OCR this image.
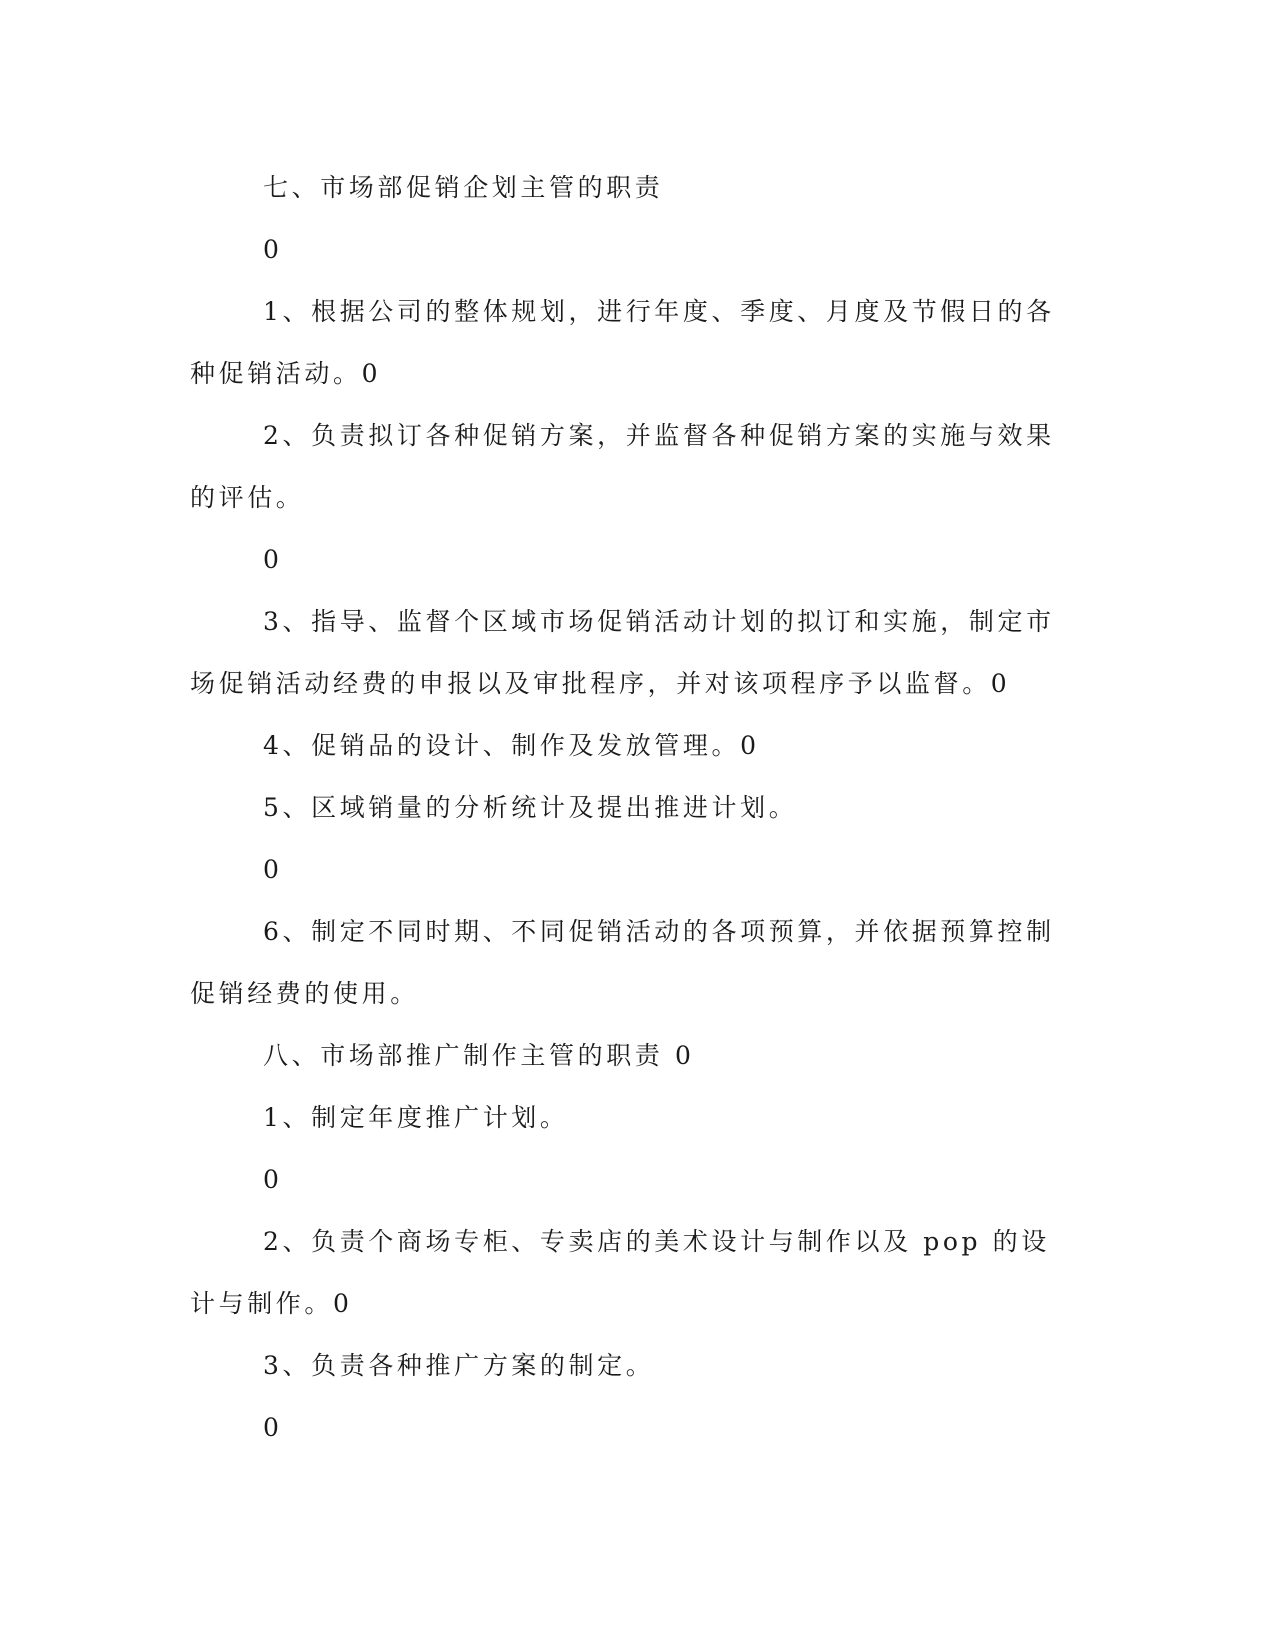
七、市场部促销企划主管的职责

0

1、根据公司的整体规划，进行年度、季度、月度及节假日的各种促销活动。0

2、负责拟订各种促销方案，并监督各种促销方案的实施与效果的评估。

0

3、指导、监督个区域市场促销活动计划的拟订和实施，制定市场促销活动经费的申报以及审批程序，并对该项程序予以监督。0

4、促销品的设计、制作及发放管理。0

5、区域销量的分析统计及提出推进计划。

0

6、制定不同时期、不同促销活动的各项预算，并依据预算控制促销经费的使用。

八、市场部推广制作主管的职责 0

1、制定年度推广计划。

0

2、负责个商场专柜、专卖店的美术设计与制作以及 pop 的设计与制作。0

3、负责各种推广方案的制定。

0
